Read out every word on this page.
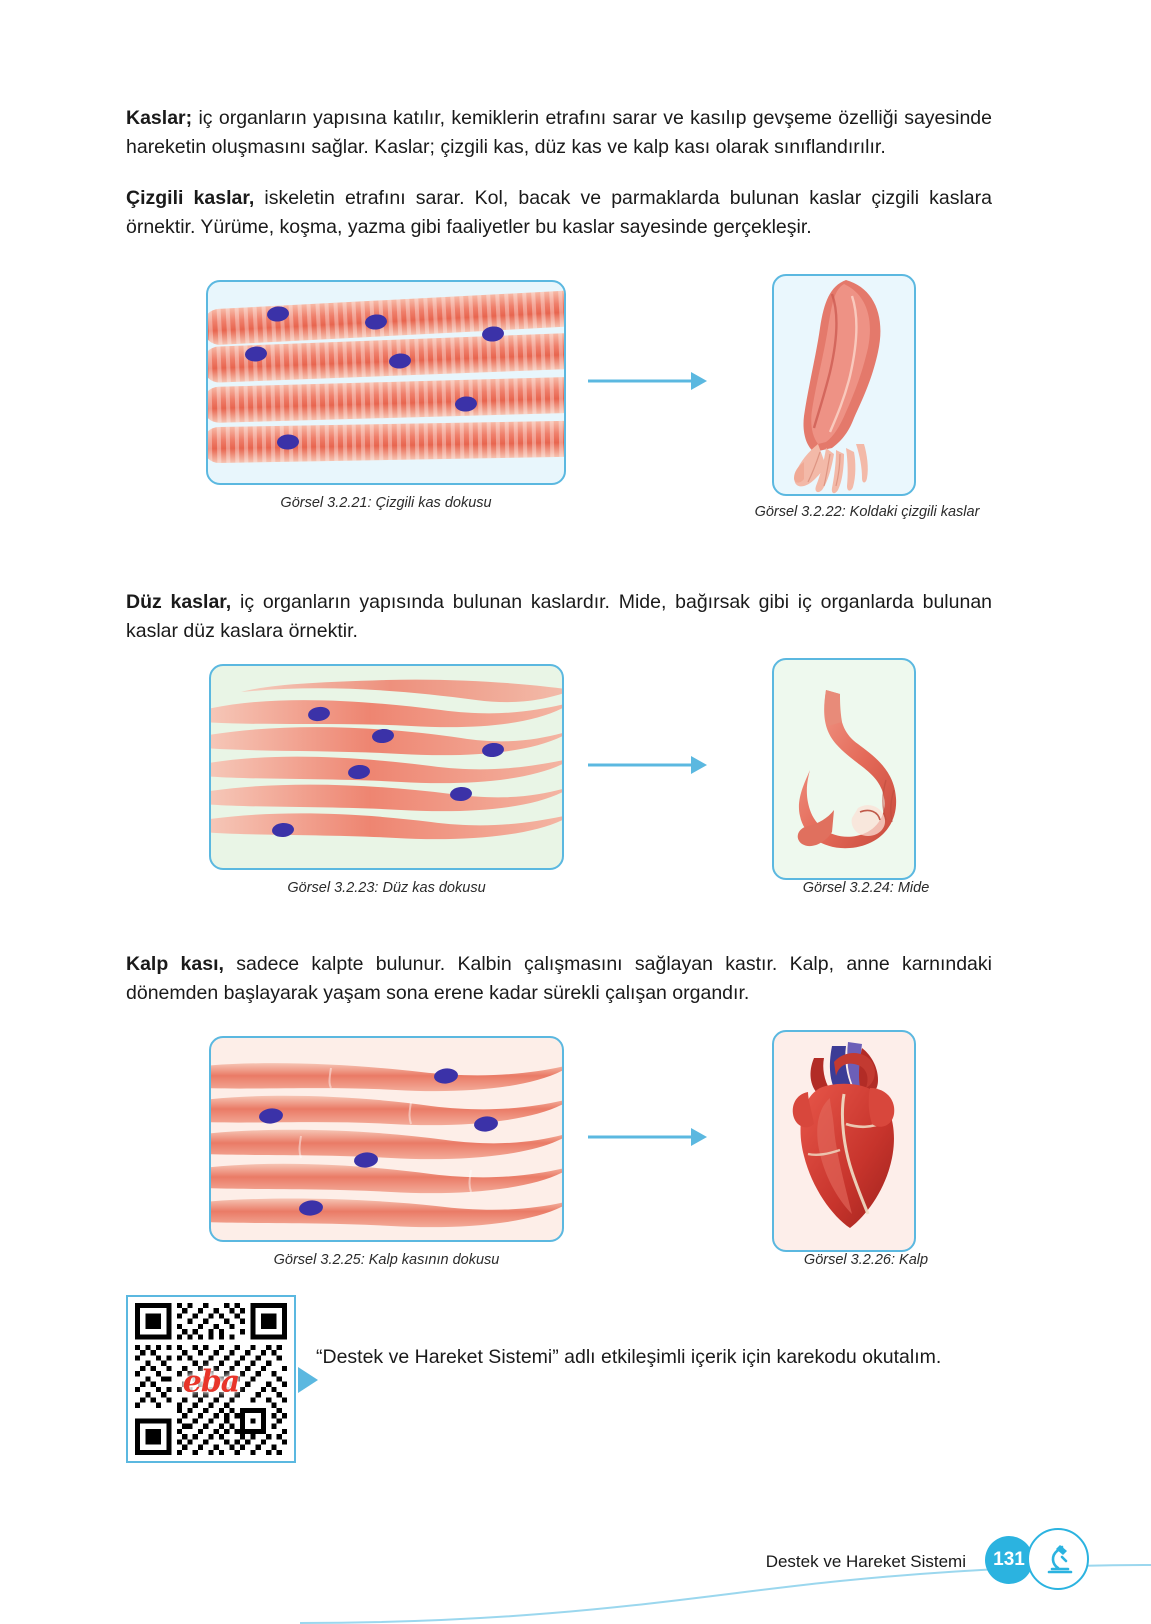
Kaslar; iç organların yapısına katılır, kemiklerin etrafını sarar ve kasılıp gevşeme özelliği sayesinde hareketin oluşmasını sağlar. Kaslar; çizgili kas, düz kas ve kalp kası olarak sınıflandırılır.

Çizgili kaslar, iskeletin etrafını sarar. Kol, bacak ve parmaklarda bulunan kaslar çizgili kaslara örnektir. Yürüme, koşma, yazma gibi faaliyetler bu kaslar sayesinde gerçekleşir.

Görsel 3.2.21: Çizgili kas dokusu
Görsel 3.2.22: Koldaki çizgili kaslar

Düz kaslar, iç organların yapısında bulunan kaslardır. Mide, bağırsak gibi iç organlarda bulunan kaslar düz kaslara örnektir.

Görsel 3.2.23: Düz kas dokusu	Görsel 3.2.24: Mide

Kalp kası, sadece kalpte bulunur. Kalbin çalışmasını sağlayan kastır. Kalp, anne karnındaki dönemden başlayarak yaşam sona erene kadar sürekli çalışan organdır.

Görsel 3.2.25: Kalp kasının dokusu	Görsel 3.2.26: Kalp
eba
“Destek ve Hareket Sistemi” adlı etkileşimli içerik için karekodu okutalım.
Destek ve Hareket Sistemi	131
